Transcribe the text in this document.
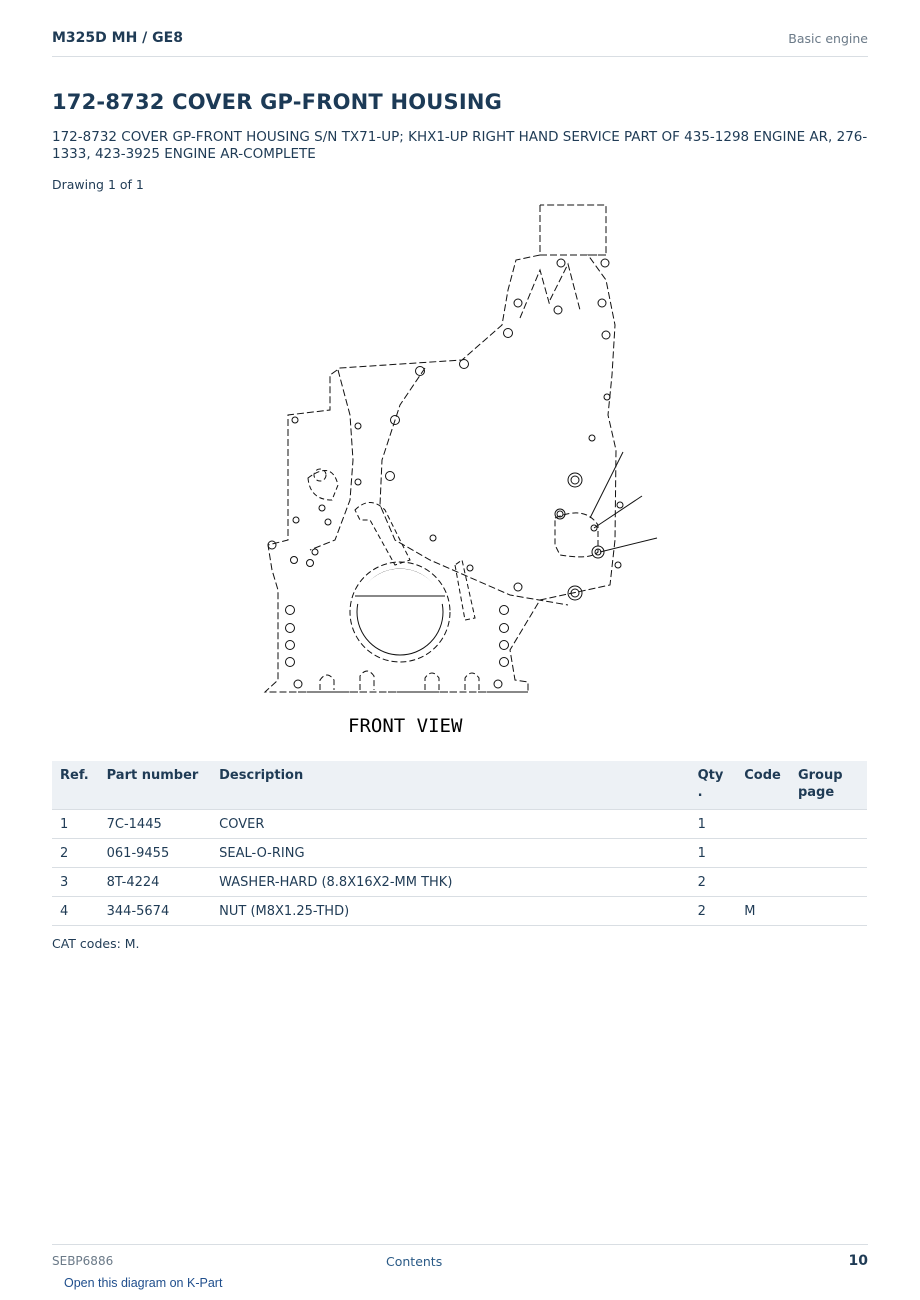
M325D MH / GE8	Basic engine
172-8732 COVER GP-FRONT HOUSING
172-8732 COVER GP-FRONT HOUSING S/N TX71-UP; KHX1-UP RIGHT HAND SERVICE PART OF 435-1298 ENGINE AR, 276-1333, 423-3925 ENGINE AR-COMPLETE
Drawing 1 of 1
FRONT VIEW
Ref.	Part number	Description	Qty .	Code	Group page
1	7C-1445	COVER	1		
2	061-9455	SEAL-O-RING	1		
3	8T-4224	WASHER-HARD (8.8X16X2-MM THK)	2		
4	344-5674	NUT (M8X1.25-THD)	2	M	
CAT codes: M.
SEBP6886	Contents	10
Open this diagram on K-Part
